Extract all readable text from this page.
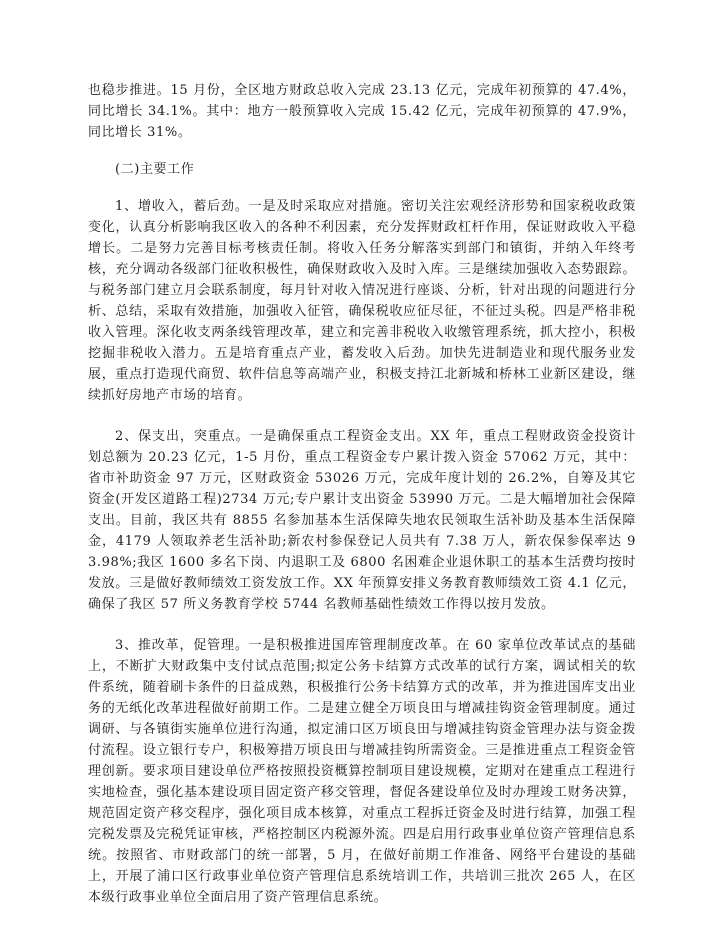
也稳步推进。15 月份，全区地方财政总收入完成 23.13 亿元，完成年初预算的 47.4%，同比增长 34.1%。其中：地方一般预算收入完成 15.42 亿元，完成年初预算的 47.9%，同比增长 31%。

(二)主要工作

1、增收入，蓄后劲。一是及时采取应对措施。密切关注宏观经济形势和国家税收政策变化，认真分析影响我区收入的各种不利因素，充分发挥财政杠杆作用，保证财政收入平稳增长。二是努力完善目标考核责任制。将收入任务分解落实到部门和镇街，并纳入年终考核，充分调动各级部门征收积极性，确保财政收入及时入库。三是继续加强收入态势跟踪。与税务部门建立月会联系制度，每月针对收入情况进行座谈、分析，针对出现的问题进行分析、总结，采取有效措施，加强收入征管，确保税收应征尽征，不征过头税。四是严格非税收入管理。深化收支两条线管理改革，建立和完善非税收入收缴管理系统，抓大控小，积极挖掘非税收入潜力。五是培育重点产业，蓄发收入后劲。加快先进制造业和现代服务业发展，重点打造现代商贸、软件信息等高端产业，积极支持江北新城和桥林工业新区建设，继续抓好房地产市场的培育。

2、保支出，突重点。一是确保重点工程资金支出。XX 年，重点工程财政资金投资计划总额为 20.23 亿元，1-5 月份，重点工程资金专户累计拨入资金 57062 万元，其中：省市补助资金 97 万元，区财政资金 53026 万元，完成年度计划的 26.2%，自筹及其它资金(开发区道路工程)2734 万元;专户累计支出资金 53990 万元。二是大幅增加社会保障支出。目前，我区共有 8855 名参加基本生活保障失地农民领取生活补助及基本生活保障金，4179 人领取养老生活补助;新农村参保登记人员共有 7.38 万人，新农保参保率达 93.98%;我区 1600 多名下岗、内退职工及 6800 名困难企业退休职工的基本生活费均按时发放。三是做好教师绩效工资发放工作。XX 年预算安排义务教育教师绩效工资 4.1 亿元，确保了我区 57 所义务教育学校 5744 名教师基础性绩效工作得以按月发放。

3、推改革，促管理。一是积极推进国库管理制度改革。在 60 家单位改革试点的基础上，不断扩大财政集中支付试点范围;拟定公务卡结算方式改革的试行方案，调试相关的软件系统，随着刷卡条件的日益成熟，积极推行公务卡结算方式的改革，并为推进国库支出业务的无纸化改革进程做好前期工作。二是建立健全万顷良田与增减挂钩资金管理制度。通过调研、与各镇街实施单位进行沟通，拟定浦口区万顷良田与增减挂钩资金管理办法与资金拨付流程。设立银行专户，积极筹措万顷良田与增减挂钩所需资金。三是推进重点工程资金管理创新。要求项目建设单位严格按照投资概算控制项目建设规模，定期对在建重点工程进行实地检查，强化基本建设项目固定资产移交管理，督促各建设单位及时办理竣工财务决算，规范固定资产移交程序，强化项目成本核算，对重点工程拆迁资金及时进行结算，加强工程完税发票及完税凭证审核，严格控制区内税源外流。四是启用行政事业单位资产管理信息系统。按照省、市财政部门的统一部署，5 月，在做好前期工作准备、网络平台建设的基础上，开展了浦口区行政事业单位资产管理信息系统培训工作，共培训三批次 265 人，在区本级行政事业单位全面启用了资产管理信息系统。
